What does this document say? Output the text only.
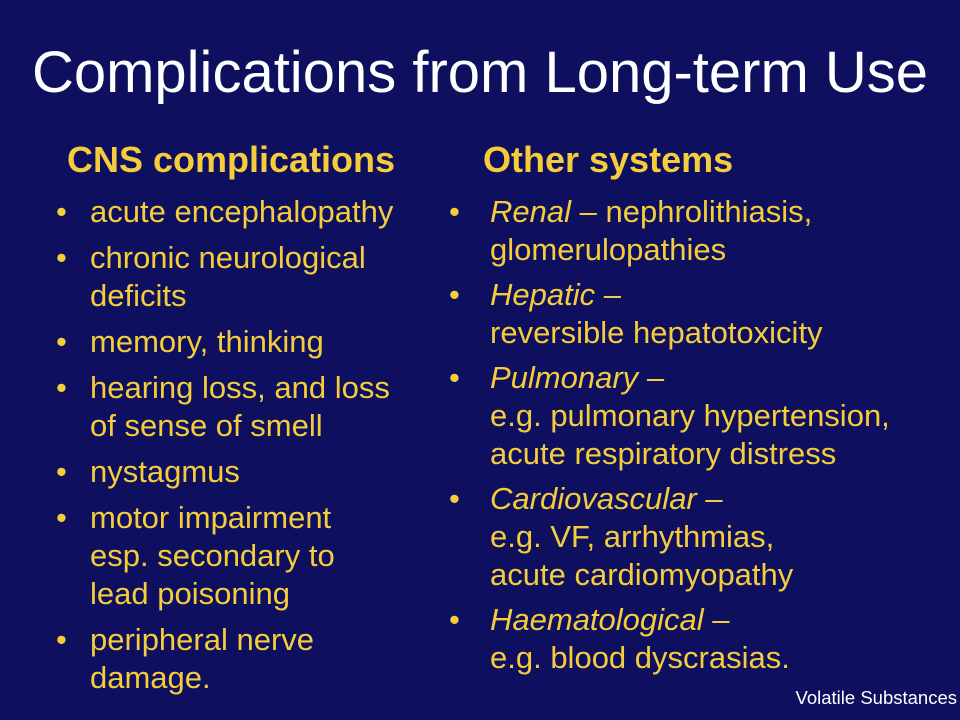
Complications from Long-term Use
CNS complications Other systems
• acute encephalopathy
• chronic neurological
deficits
• memory, thinking
• hearing loss, and loss
of sense of smell
• nystagmus
• motor impairment
esp. secondary to
lead poisoning
• peripheral nerve
damage.
• Renal – nephrolithiasis,
glomerulopathies
• Hepatic –
reversible hepatotoxicity
• Pulmonary –
e.g. pulmonary hypertension,
acute respiratory distress
• Cardiovascular –
e.g. VF, arrhythmias,
acute cardiomyopathy
• Haematological –
e.g. blood dyscrasias.
Volatile Substances
